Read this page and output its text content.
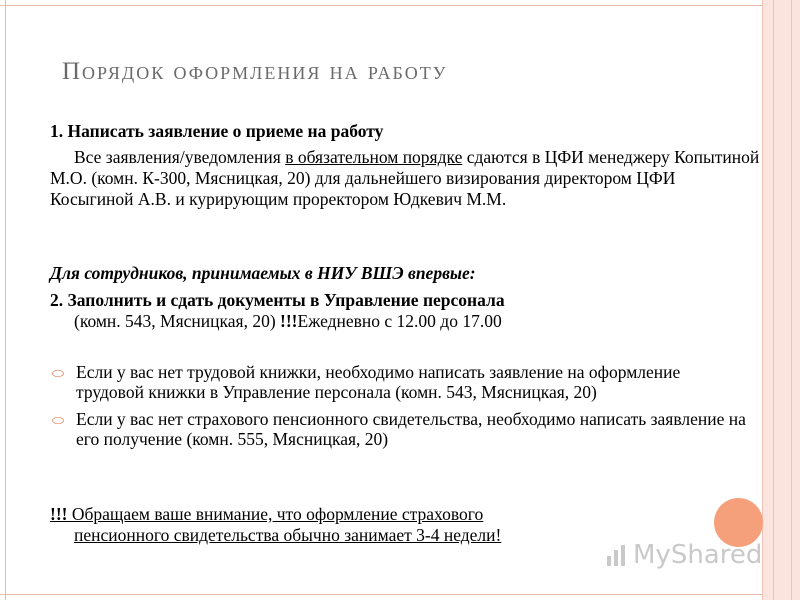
Порядок оформления на работу
1. Написать заявление о приеме на работу
Все заявления/уведомления в обязательном порядке сдаются в ЦФИ менеджеру Копытиной М.О. (комн. К-300, Мясницкая, 20) для дальнейшего визирования директором ЦФИ Косыгиной А.В. и курирующим проректором Юдкевич М.М.
Для сотрудников, принимаемых в НИУ ВШЭ впервые:
2. Заполнить и сдать документы в Управление персонала
(комн. 543, Мясницкая, 20) !!!Ежедневно с 12.00 до 17.00
⬭ Если у вас нет трудовой книжки, необходимо написать заявление на оформление трудовой книжки в Управление персонала (комн. 543, Мясницкая, 20)
⬭ Если у вас нет страхового пенсионного свидетельства, необходимо написать заявление на его получение (комн. 555, Мясницкая, 20)
!!! Обращаем ваше внимание, что оформление страхового
пенсионного свидетельства обычно занимает 3-4 недели!
MyShared
